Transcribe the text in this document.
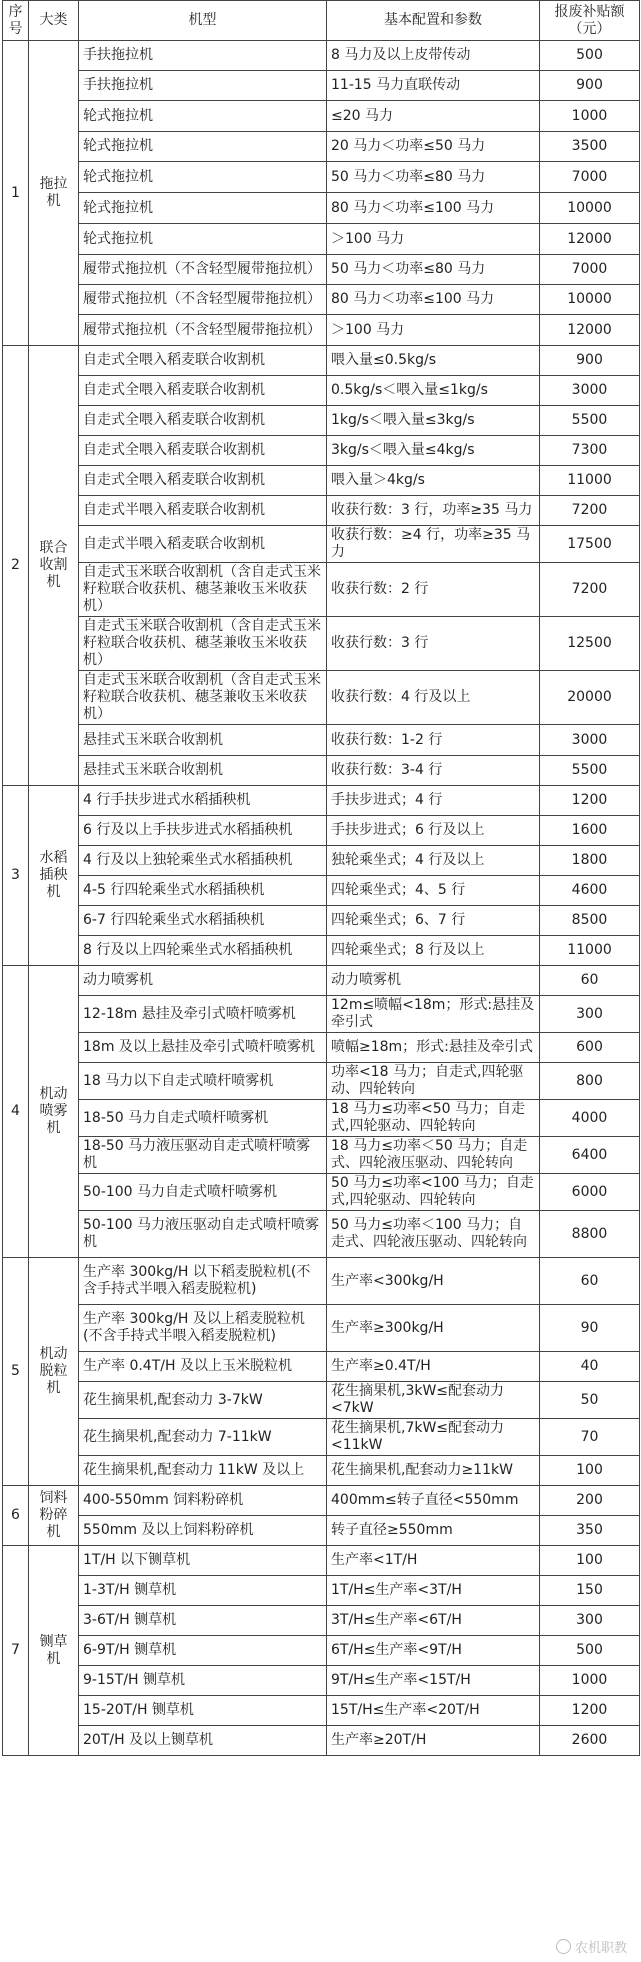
序号	大类	机型	基本配置和参数	报废补贴额（元）
1	拖拉机	手扶拖拉机	8 马力及以上皮带传动	500
		手扶拖拉机	11-15 马力直联传动	900
		轮式拖拉机	≤20 马力	1000
		轮式拖拉机	20 马力＜功率≤50 马力	3500
		轮式拖拉机	50 马力＜功率≤80 马力	7000
		轮式拖拉机	80 马力＜功率≤100 马力	10000
		轮式拖拉机	＞100 马力	12000
		履带式拖拉机（不含轻型履带拖拉机）	50 马力＜功率≤80 马力	7000
		履带式拖拉机（不含轻型履带拖拉机）	80 马力＜功率≤100 马力	10000
		履带式拖拉机（不含轻型履带拖拉机）	＞100 马力	12000
2	联合收割机	自走式全喂入稻麦联合收割机	喂入量≤0.5kg/s	900
		自走式全喂入稻麦联合收割机	0.5kg/s＜喂入量≤1kg/s	3000
		自走式全喂入稻麦联合收割机	1kg/s＜喂入量≤3kg/s	5500
		自走式全喂入稻麦联合收割机	3kg/s＜喂入量≤4kg/s	7300
		自走式全喂入稻麦联合收割机	喂入量＞4kg/s	11000
		自走式半喂入稻麦联合收割机	收获行数：3 行，功率≥35 马力	7200
		自走式半喂入稻麦联合收割机	收获行数：≥4 行，功率≥35 马力	17500
		自走式玉米联合收割机（含自走式玉米籽粒联合收获机、穗茎兼收玉米收获机）	收获行数：2 行	7200
		自走式玉米联合收割机（含自走式玉米籽粒联合收获机、穗茎兼收玉米收获机）	收获行数：3 行	12500
		自走式玉米联合收割机（含自走式玉米籽粒联合收获机、穗茎兼收玉米收获机）	收获行数：4 行及以上	20000
		悬挂式玉米联合收割机	收获行数：1-2 行	3000
		悬挂式玉米联合收割机	收获行数：3-4 行	5500
3	水稻插秧机	4 行手扶步进式水稻插秧机	手扶步进式；4 行	1200
		6 行及以上手扶步进式水稻插秧机	手扶步进式；6 行及以上	1600
		4 行及以上独轮乘坐式水稻插秧机	独轮乘坐式；4 行及以上	1800
		4-5 行四轮乘坐式水稻插秧机	四轮乘坐式；4、5 行	4600
		6-7 行四轮乘坐式水稻插秧机	四轮乘坐式；6、7 行	8500
		8 行及以上四轮乘坐式水稻插秧机	四轮乘坐式；8 行及以上	11000
4	机动喷雾机	动力喷雾机	动力喷雾机	60
		12-18m 悬挂及牵引式喷杆喷雾机	12m≤喷幅<18m；形式:悬挂及牵引式	300
		18m 及以上悬挂及牵引式喷杆喷雾机	喷幅≥18m；形式:悬挂及牵引式	600
		18 马力以下自走式喷杆喷雾机	功率<18 马力；自走式,四轮驱动、四轮转向	800
		18-50 马力自走式喷杆喷雾机	18 马力≤功率<50 马力；自走式,四轮驱动、四轮转向	4000
		18-50 马力液压驱动自走式喷杆喷雾机	18 马力≤功率＜50 马力；自走式、四轮液压驱动、四轮转向	6400
		50-100 马力自走式喷杆喷雾机	50 马力≤功率<100 马力；自走式,四轮驱动、四轮转向	6000
		50-100 马力液压驱动自走式喷杆喷雾机	50 马力≤功率＜100 马力；自走式、四轮液压驱动、四轮转向	8800
5	机动脱粒机	生产率 300kg/H 以下稻麦脱粒机(不含手持式半喂入稻麦脱粒机)	生产率<300kg/H	60
		生产率 300kg/H 及以上稻麦脱粒机(不含手持式半喂入稻麦脱粒机)	生产率≥300kg/H	90
		生产率 0.4T/H 及以上玉米脱粒机	生产率≥0.4T/H	40
		花生摘果机,配套动力 3-7kW	花生摘果机,3kW≤配套动力<7kW	50
		花生摘果机,配套动力 7-11kW	花生摘果机,7kW≤配套动力<11kW	70
		花生摘果机,配套动力 11kW 及以上	花生摘果机,配套动力≥11kW	100
6	饲料粉碎机	400-550mm 饲料粉碎机	400mm≤转子直径<550mm	200
		550mm 及以上饲料粉碎机	转子直径≥550mm	350
7	铡草机	1T/H 以下铡草机	生产率<1T/H	100
		1-3T/H 铡草机	1T/H≤生产率<3T/H	150
		3-6T/H 铡草机	3T/H≤生产率<6T/H	300
		6-9T/H 铡草机	6T/H≤生产率<9T/H	500
		9-15T/H 铡草机	9T/H≤生产率<15T/H	1000
		15-20T/H 铡草机	15T/H≤生产率<20T/H	1200
		20T/H 及以上铡草机	生产率≥20T/H	2600
农机职教
